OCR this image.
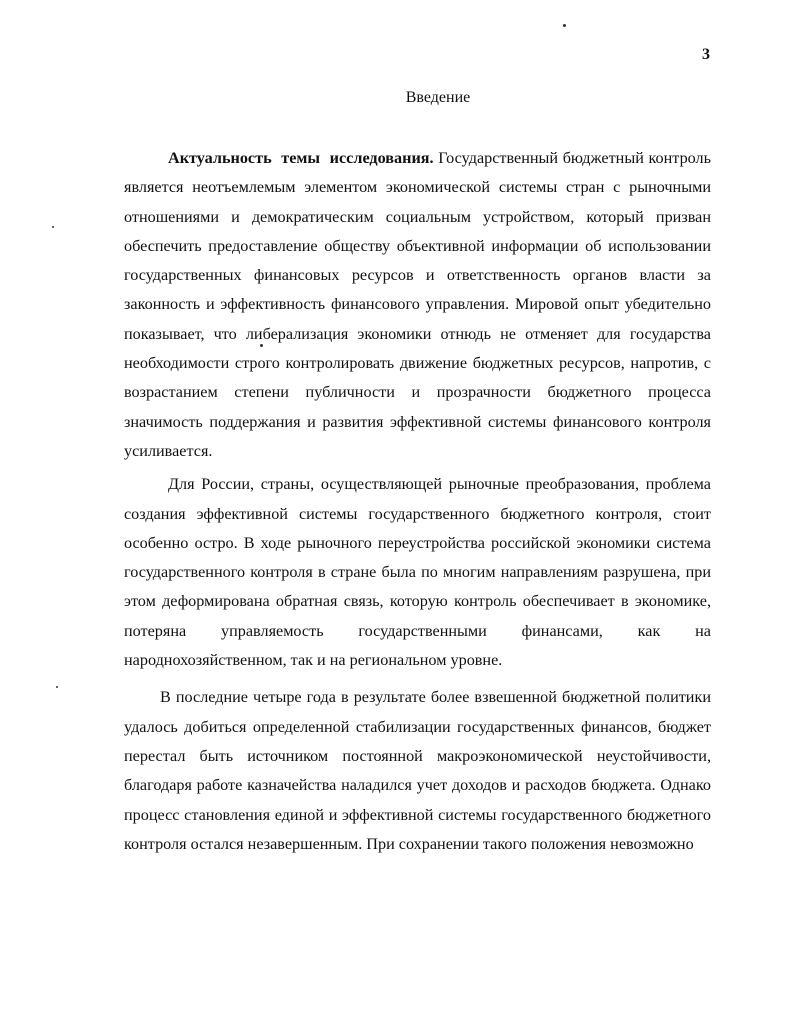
3
Введение

Актуальность темы исследования. Государственный бюджетный контроль является неотъемлемым элементом экономической системы стран с рыночными отношениями и демократическим социальным устройством, который призван обеспечить предоставление обществу объективной информации об использовании государственных финансовых ресурсов и ответственность органов власти за законность и эффективность финансового управления. Мировой опыт убедительно показывает, что либерализация экономики отнюдь не отменяет для государства необходимости строго контролировать движение бюджетных ресурсов, напротив, с возрастанием степени публичности и прозрачности бюджетного процесса значимость поддержания и развития эффективной системы финансового контроля усиливается.

Для России, страны, осуществляющей рыночные преобразования, проблема создания эффективной системы государственного бюджетного контроля, стоит особенно остро. В ходе рыночного переустройства российской экономики система государственного контроля в стране была по многим направлениям разрушена, при этом деформирована обратная связь, которую контроль обеспечивает в экономике, потеряна управляемость государственными финансами, как на народнохозяйственном, так и на региональном уровне.

В последние четыре года в результате более взвешенной бюджетной политики удалось добиться определенной стабилизации государственных финансов, бюджет перестал быть источником постоянной макроэкономической неустойчивости, благодаря работе казначейства наладился учет доходов и расходов бюджета. Однако процесс становления единой и эффективной системы государственного бюджетного контроля остался незавершенным. При сохранении такого положения невозможно
